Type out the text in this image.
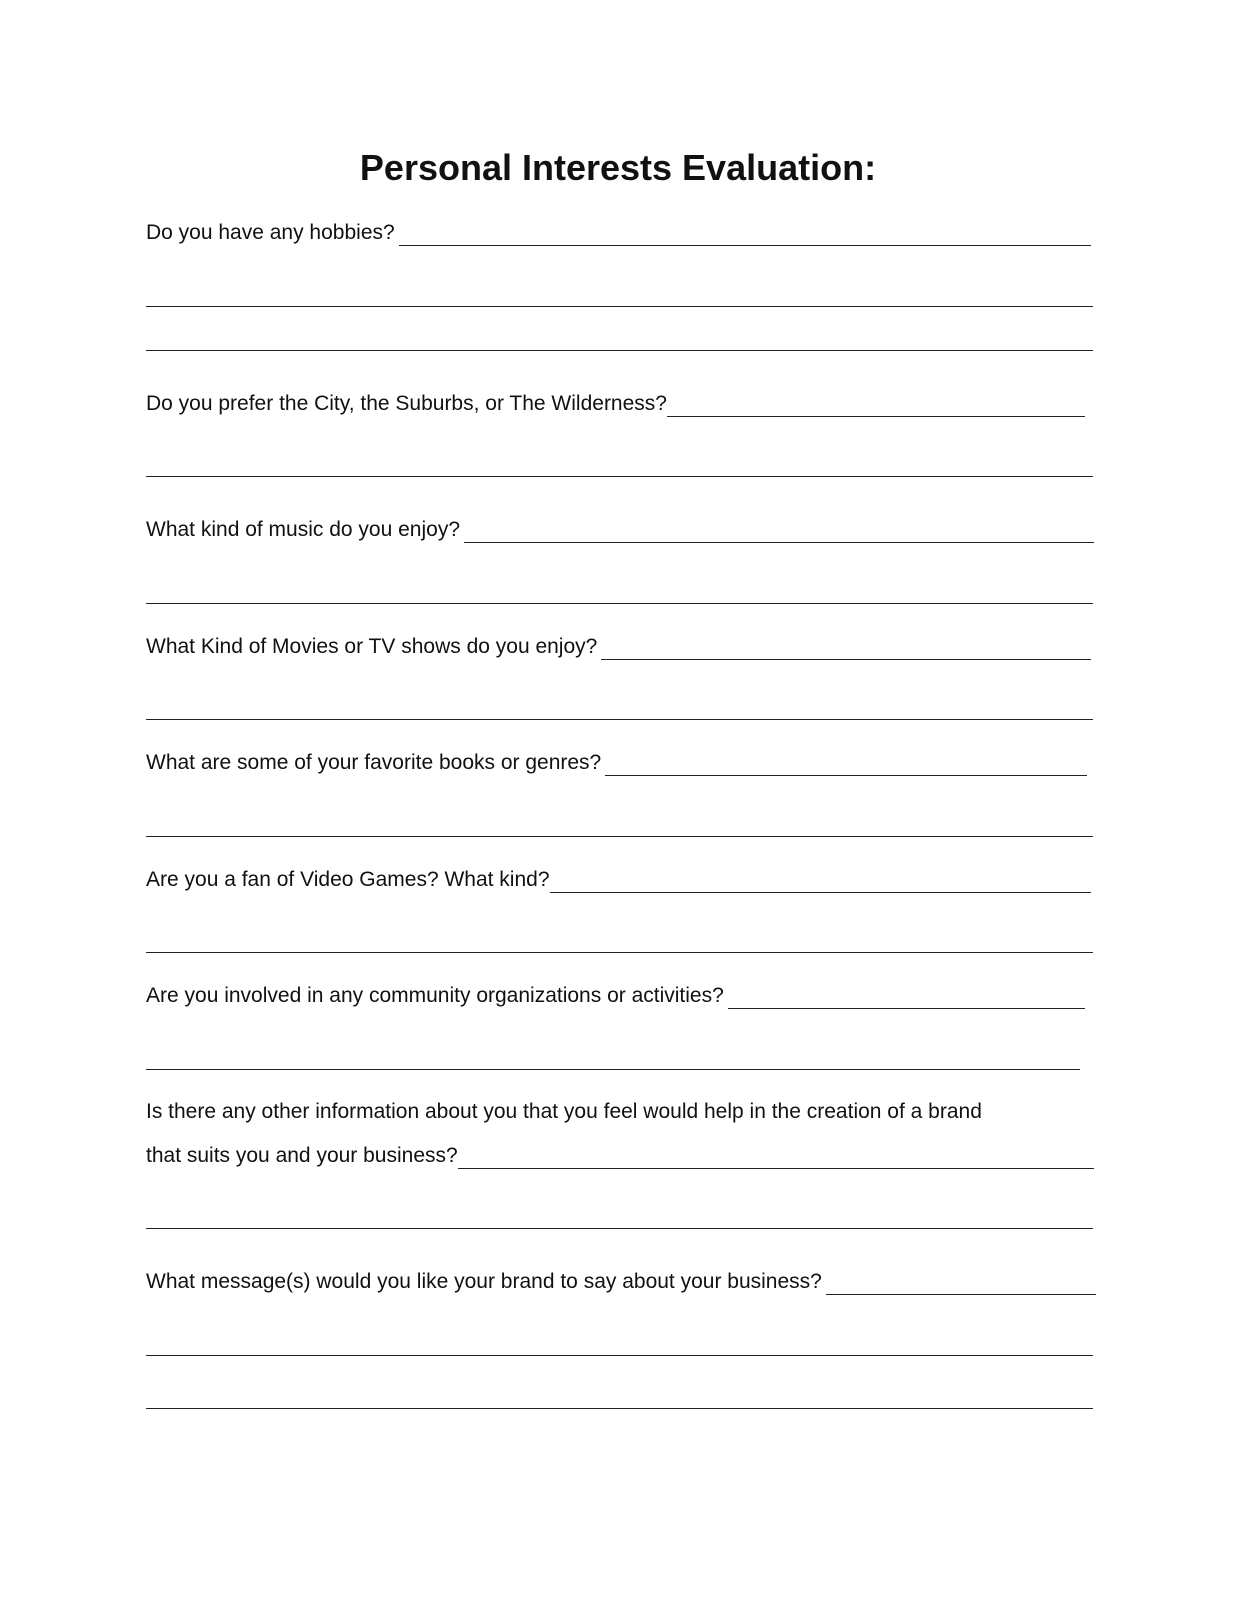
Personal Interests Evaluation:
Do you have any hobbies?
Do you prefer the City, the Suburbs, or The Wilderness?
What kind of music do you enjoy?
What Kind of Movies or TV shows do you enjoy?
What are some of your favorite books or genres?
Are you a fan of Video Games? What kind?
Are you involved in any community organizations or activities?
Is there any other information about you that you feel would help in the creation of a brand
that suits you and your business?
What message(s) would you like your brand to say about your business?
